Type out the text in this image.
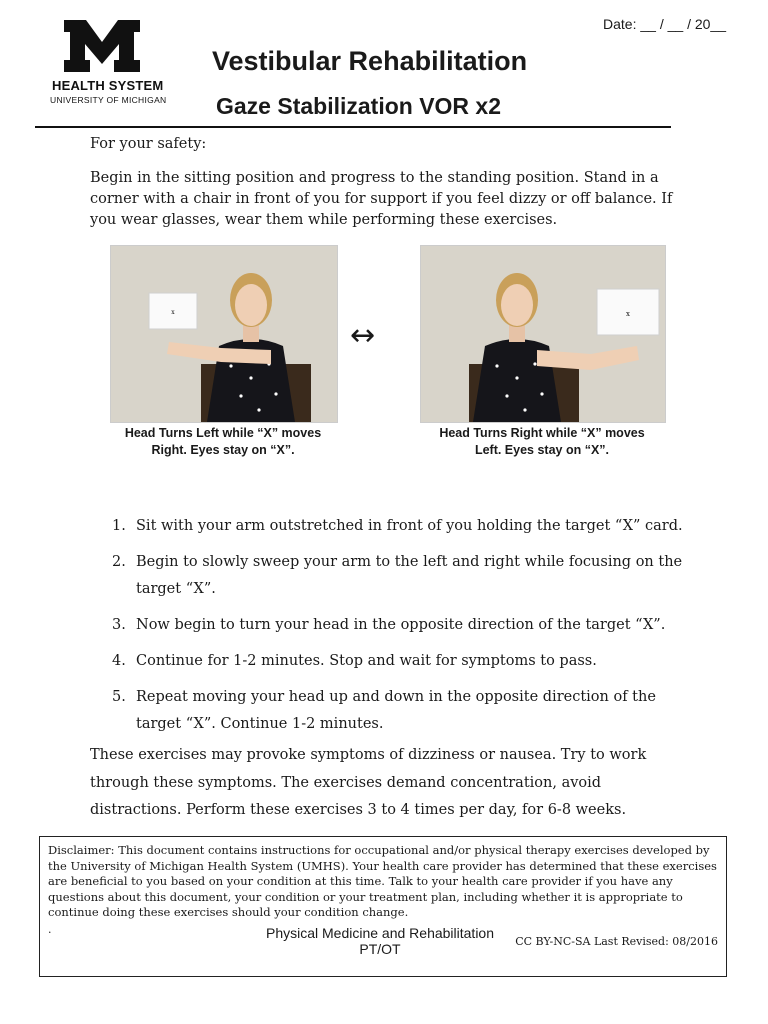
HEALTH SYSTEM
UNIVERSITY OF MICHIGAN
Date: __ / __ / 20__
Vestibular Rehabilitation
Gaze Stabilization VOR x2
For your safety:
Begin in the sitting position and progress to the standing position. Stand in a corner with a chair in front of you for support if you feel dizzy or off balance. If you wear glasses, wear them while performing these exercises.
x
↔
x
Head Turns Left while “X” moves
Right. Eyes stay on “X”.
Head Turns Right while “X” moves
Left. Eyes stay on “X”.
1. Sit with your arm outstretched in front of you holding the target “X” card.
2. Begin to slowly sweep your arm to the left and right while focusing on the target “X”.
3. Now begin to turn your head in the opposite direction of the target “X”.
4. Continue for 1-2 minutes. Stop and wait for symptoms to pass.
5. Repeat moving your head up and down in the opposite direction of the target “X”. Continue 1-2 minutes.
These exercises may provoke symptoms of dizziness or nausea. Try to work through these symptoms. The exercises demand concentration, avoid distractions. Perform these exercises 3 to 4 times per day, for 6-8 weeks.
Disclaimer: This document contains instructions for occupational and/or physical therapy exercises developed by the University of Michigan Health System (UMHS). Your health care provider has determined that these exercises are beneficial to you based on your condition at this time. Talk to your health care provider if you have any questions about this document, your condition or your treatment plan, including whether it is appropriate to continue doing these exercises should your condition change.
.	Physical Medicine and Rehabilitation
PT/OT	CC BY-NC-SA Last Revised: 08/2016
